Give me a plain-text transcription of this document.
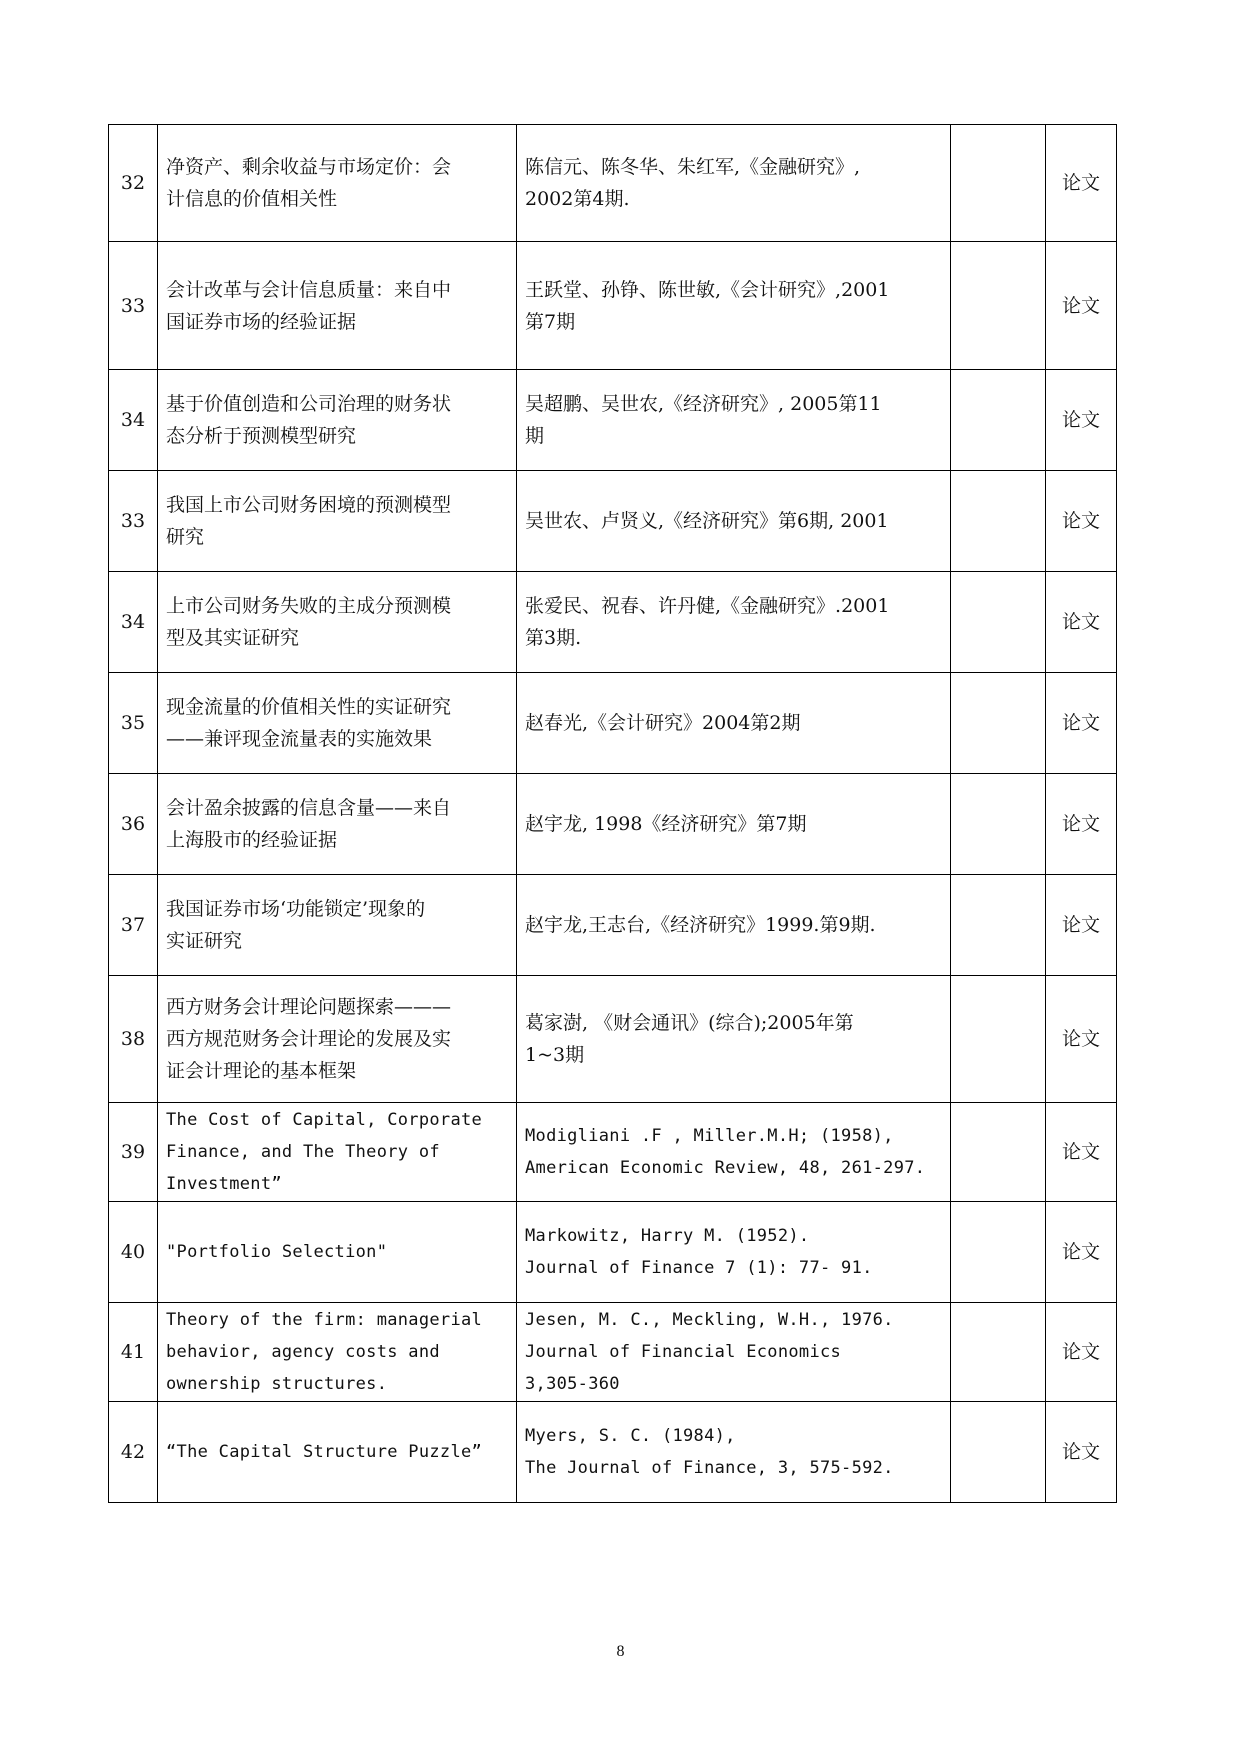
32	净资产、剩余收益与市场定价：会
计信息的价值相关性	陈信元、陈冬华、朱红军,《金融研究》,
2002第4期.		论文
33	会计改革与会计信息质量：来自中
国证券市场的经验证据	王跃堂、孙铮、陈世敏,《会计研究》,2001
第7期		论文
34	基于价值创造和公司治理的财务状
态分析于预测模型研究	吴超鹏、吴世农,《经济研究》, 2005第11
期		论文
33	我国上市公司财务困境的预测模型
研究	吴世农、卢贤义,《经济研究》第6期, 2001		论文
34	上市公司财务失败的主成分预测模
型及其实证研究	张爱民、祝春、许丹健,《金融研究》.2001
第3期.		论文
35	现金流量的价值相关性的实证研究
——兼评现金流量表的实施效果	赵春光,《会计研究》2004第2期		论文
36	会计盈余披露的信息含量——来自
上海股市的经验证据	赵宇龙, 1998《经济研究》第7期		论文
37	我国证券市场‘功能锁定’现象的
实证研究	赵宇龙,王志台,《经济研究》1999.第9期.		论文
38	西方财务会计理论问题探索———
西方规范财务会计理论的发展及实
证会计理论的基本框架	葛家澍, 《财会通讯》(综合);2005年第
1~3期		论文
39	The Cost of Capital, Corporate
Finance, and The Theory of
Investment”	Modigliani .F , Miller.M.H; (1958),
American Economic Review, 48, 261-297.		论文
40	"Portfolio Selection"	Markowitz, Harry M. (1952).
Journal of Finance 7 (1): 77- 91.		论文
41	Theory of the firm: managerial
behavior, agency costs and
ownership structures.	Jesen, M. C., Meckling, W.H., 1976.
Journal of Financial Economics
3,305-360		论文
42	“The Capital Structure Puzzle”	Myers, S. C. (1984),
The Journal of Finance, 3, 575-592.		论文
8
